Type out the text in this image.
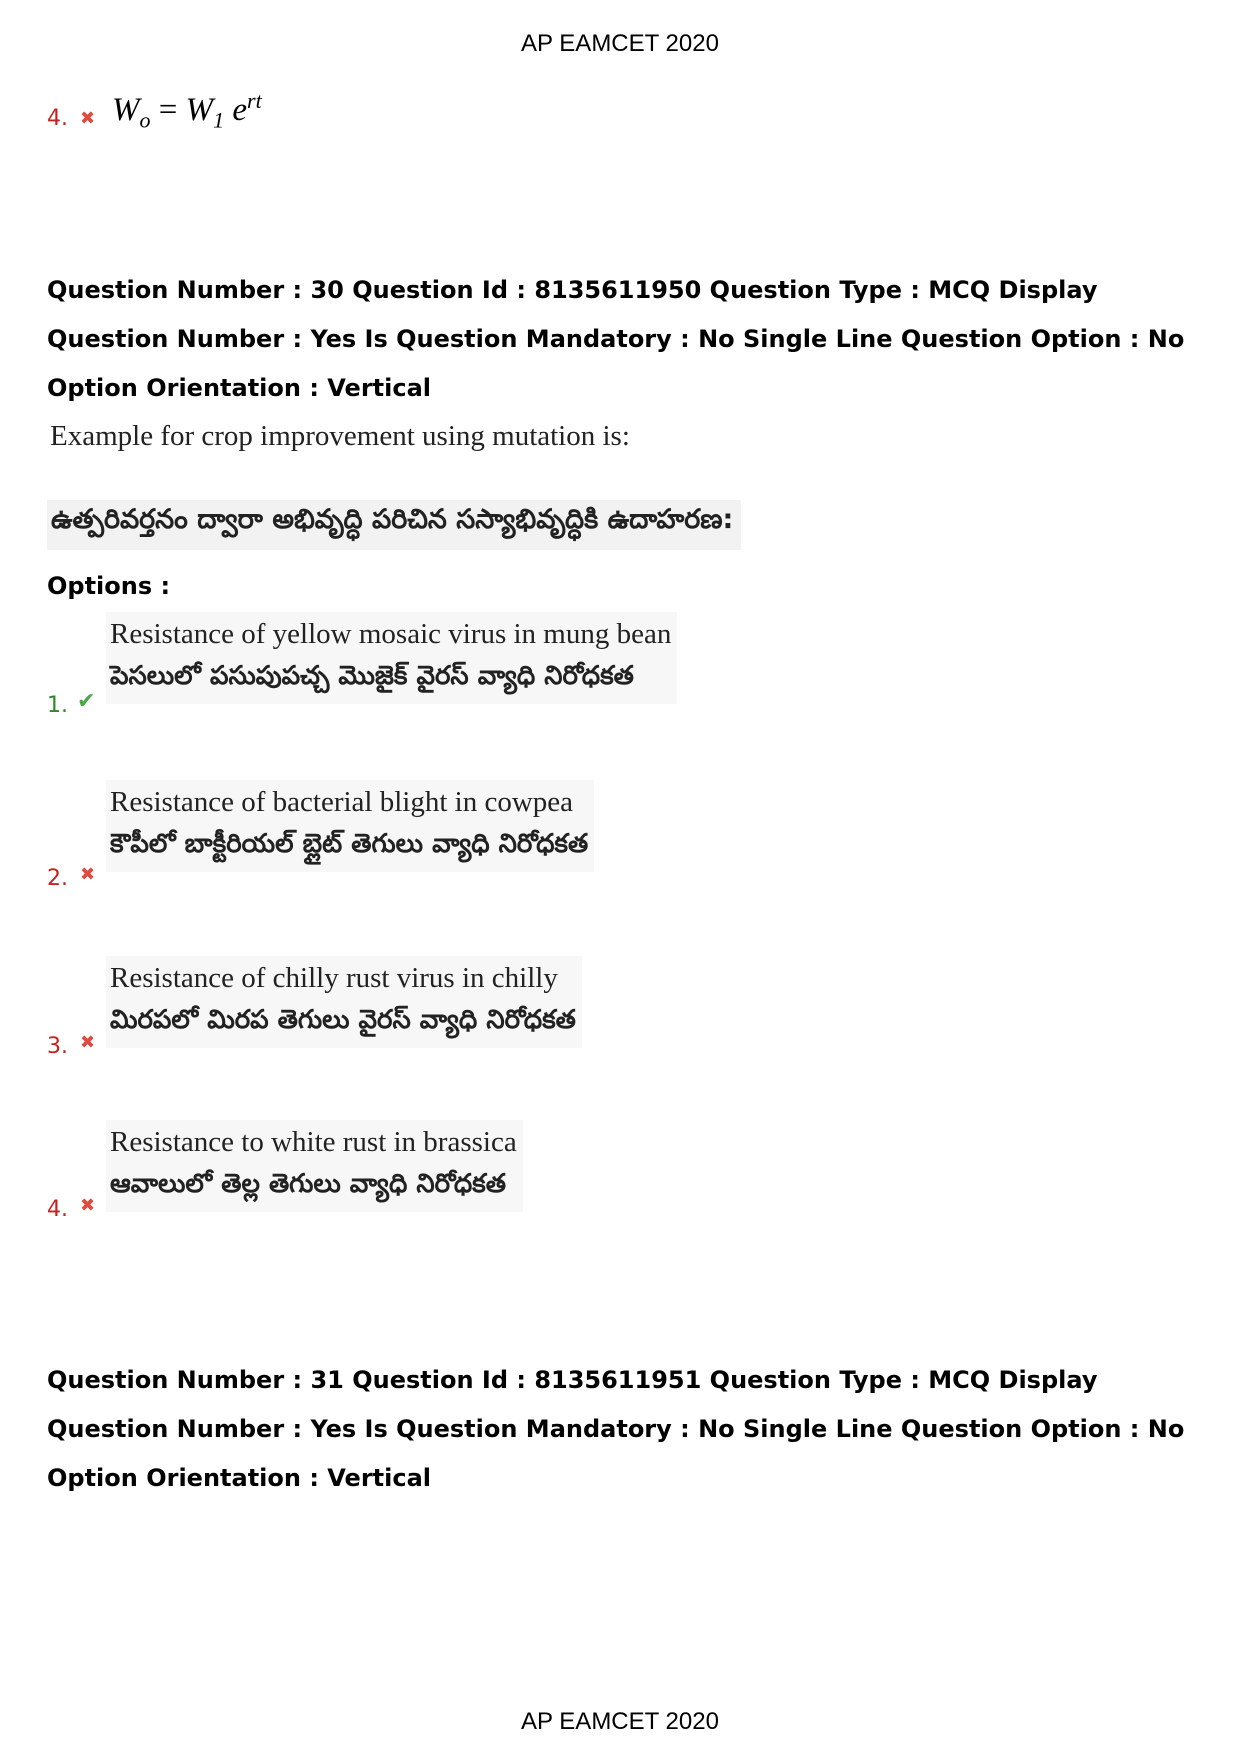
AP EAMCET 2020
4. ✖ $W_o = W_1$ $e^{rt}$
Question Number : 30 Question Id : 8135611950 Question Type : MCQ Display Question Number : Yes Is Question Mandatory : No Single Line Question Option : No Option Orientation : Vertical
Example for crop improvement using mutation is:
ఉత్పరివర్తనం ద్వారా అభివృద్ధి పరిచిన సస్యాభివృద్ధికి ఉదాహరణ:
Options :
Resistance of yellow mosaic virus in mung bean
పెసలులో పసుపుపచ్చ మొజైక్ వైరస్ వ్యాధి నిరోధకత
1. ✔
Resistance of bacterial blight in cowpea
కౌపీలో బాక్టీరియల్ బ్లైట్ తెగులు వ్యాధి నిరోధకత
2. ✖
Resistance of chilly rust virus in chilly
మిరపలో మిరప తెగులు వైరస్ వ్యాధి నిరోధకత
3. ✖
Resistance to white rust in brassica
ఆవాలులో తెల్ల తెగులు వ్యాధి నిరోధకత
4. ✖
Question Number : 31 Question Id : 8135611951 Question Type : MCQ Display Question Number : Yes Is Question Mandatory : No Single Line Question Option : No Option Orientation : Vertical
AP EAMCET 2020
